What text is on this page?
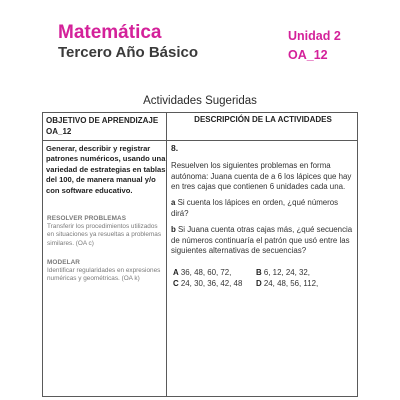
Matemática
Tercero Año Básico
Unidad 2
OA_12
Actividades Sugeridas
OBJETIVO DE APRENDIZAJE OA_12
DESCRIPCIÓN DE LA ACTIVIDADES
Generar, describir y registrar patrones numéricos, usando una variedad de estrategias en tablas del 100, de manera manual y/o con software educativo.
RESOLVER PROBLEMAS
Transferir los procedimientos utilizados en situaciones ya resueltas a problemas similares. (OA c)
MODELAR
Identificar regularidades en expresiones numéricas y geométricas. (OA k)
8.
Resuelven los siguientes problemas en forma autónoma: Juana cuenta de a 6 los lápices que hay en tres cajas que contienen 6 unidades cada una.
a Si cuenta los lápices en orden, ¿qué números dirá?
b Si Juana cuenta otras cajas más, ¿qué secuencia de números continuaría el patrón que usó entre las siguientes alternativas de secuencias?
A 36, 48, 60, 72,	B 6, 12, 24, 32,
C 24, 30, 36, 42, 48 D 24, 48, 56, 112,
